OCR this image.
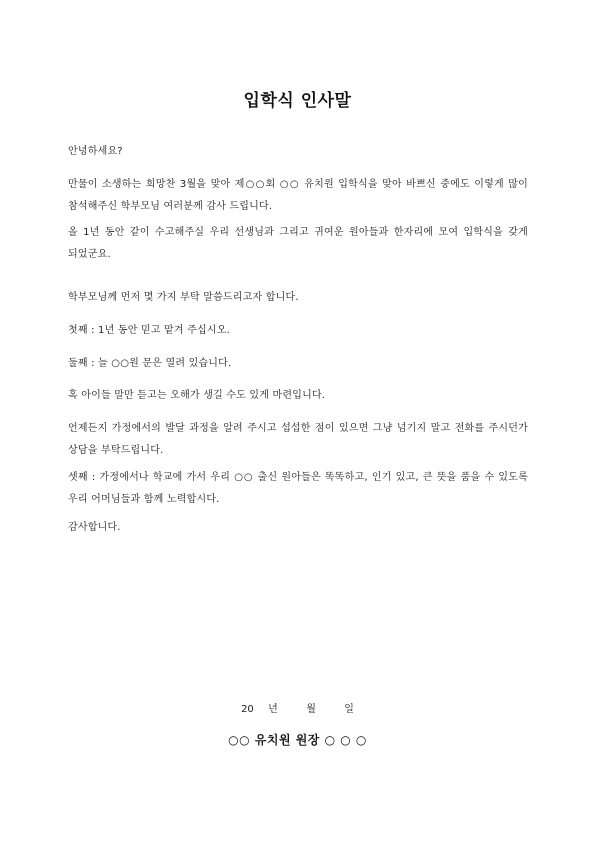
입학식 인사말

안녕하세요?

만물이 소생하는 희망찬 3월을 맞아 제○○회 ○○ 유치원 입학식을 맞아 바쁘신 중에도 이렇게 많이 참석해주신 학부모님 여러분께 감사 드립니다.

올 1년 동안 같이 수고해주실 우리 선생님과 그리고 귀여운 원아들과 한자리에 모여 입학식을 갖게 되었군요.

학부모님께 먼저 몇 가지 부탁 말씀드리고자 합니다.

첫째 : 1년 동안 믿고 맡겨 주십시오.

둘째 : 늘 ○○원 문은 열려 있습니다.

혹 아이들 말만 듣고는 오해가 생길 수도 있게 마련입니다.

언제든지 가정에서의 발달 과정을 알려 주시고 섭섭한 점이 있으면 그냥 넘기지 말고 전화를 주시던가 상담을 부탁드립니다.

셋째 : 가정에서나 학교에 가서 우리 ○○ 출신 원아들은 똑똑하고, 인기 있고, 큰 뜻을 품을 수 있도록 우리 어머님들과 함께 노력합시다.

감사합니다.

20 년	월	일
○○ 유치원 원장 ○ ○ ○
